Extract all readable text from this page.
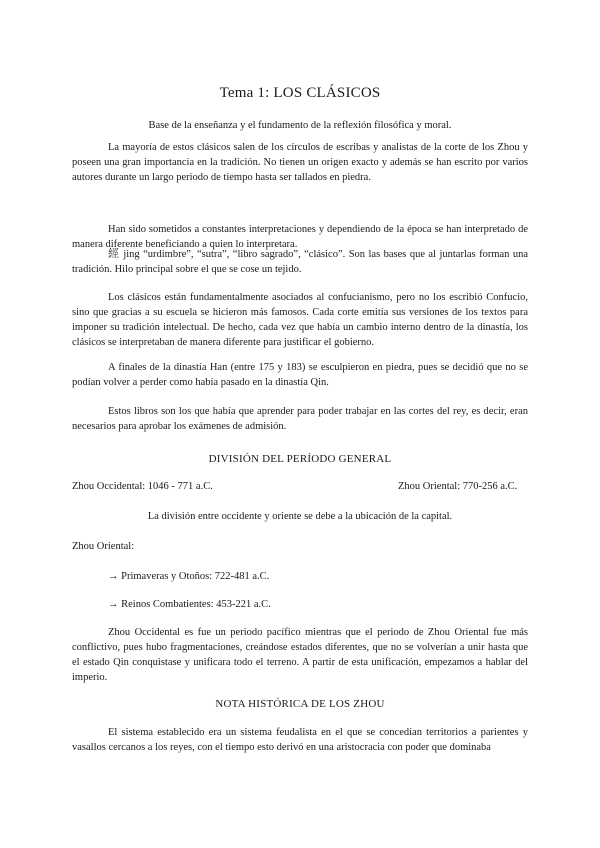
Tema 1: LOS CLÁSICOS
Base de la enseñanza y el fundamento de la reflexión filosófica y moral.

La mayoría de estos clásicos salen de los círculos de escribas y analistas de la corte de los Zhou y poseen una gran importancia en la tradición. No tienen un origen exacto y además se han escrito por varios autores durante un largo periodo de tiempo hasta ser tallados en piedra.

Han sido sometidos a constantes interpretaciones y dependiendo de la época se han interpretado de manera diferente beneficiando a quien lo interpretara.

經 jing “urdimbre”, “sutra”, “libro sagrado”, “clásico”. Son las bases que al juntarlas forman una tradición. Hilo principal sobre el que se cose un tejido.

Los clásicos están fundamentalmente asociados al confucianismo, pero no los escribió Confucio, sino que gracias a su escuela se hicieron más famosos. Cada corte emitía sus versiones de los textos para imponer su tradición intelectual. De hecho, cada vez que había un cambio interno dentro de la dinastía, los clásicos se interpretaban de manera diferente para justificar el gobierno.

A finales de la dinastía Han (entre 175 y 183) se esculpieron en piedra, pues se decidió que no se podían volver a perder como había pasado en la dinastía Qin.

Estos libros son los que había que aprender para poder trabajar en las cortes del rey, es decir, eran necesarios para aprobar los exámenes de admisión.

DIVISIÓN DEL PERÍODO GENERAL
Zhou Occidental: 1046 - 771 a.C.	Zhou Oriental: 770-256 a.C.
La división entre occidente y oriente se debe a la ubicación de la capital.
Zhou Oriental:
→ Primaveras y Otoños: 722-481 a.C.
→ Reinos Combatientes: 453-221 a.C.

Zhou Occidental es fue un periodo pacífico mientras que el periodo de Zhou Oriental fue más conflictivo, pues hubo fragmentaciones, creándose estados diferentes, que no se volverían a unir hasta que el estado Qin conquistase y unificara todo el terreno. A partir de esta unificación, empezamos a hablar del imperio.

NOTA HISTÓRICA DE LOS ZHOU

El sistema establecido era un sistema feudalista en el que se concedían territorios a parientes y vasallos cercanos a los reyes, con el tiempo esto derivó en una aristocracia con poder que dominaba
